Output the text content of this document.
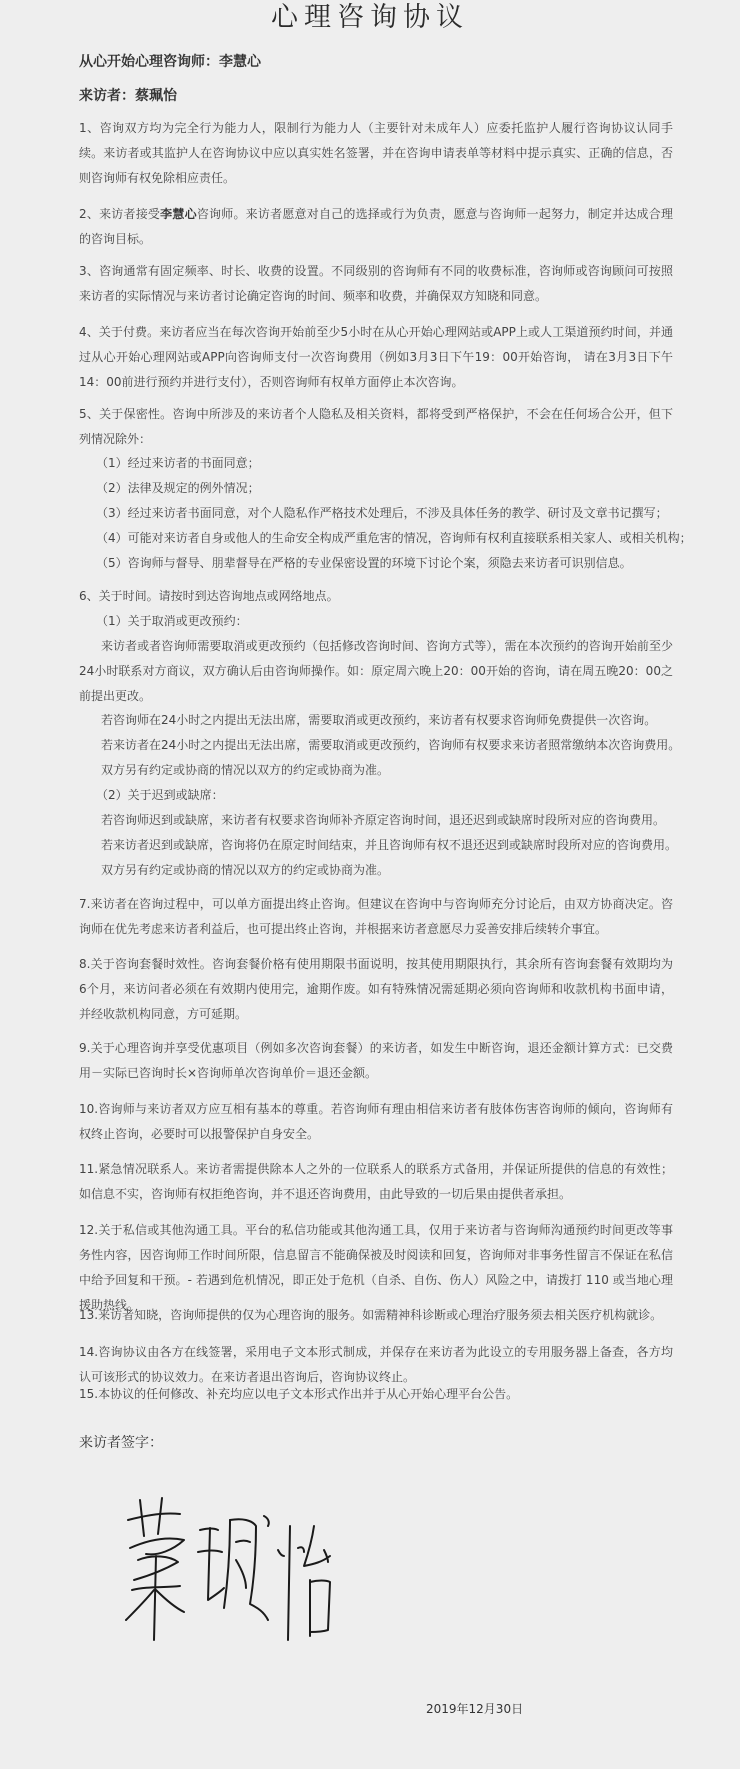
心理咨询协议
从心开始心理咨询师：李慧心
来访者：蔡珮怡
1、咨询双方均为完全行为能力人，限制行为能力人（主要针对未成年人）应委托监护人履行咨询协议认同手续。来访者或其监护人在咨询协议中应以真实姓名签署，并在咨询申请表单等材料中提示真实、正确的信息，否则咨询师有权免除相应责任。
2、来访者接受李慧心咨询师。来访者愿意对自己的选择或行为负责，愿意与咨询师一起努力，制定并达成合理的咨询目标。
3、咨询通常有固定频率、时长、收费的设置。不同级别的咨询师有不同的收费标准，咨询师或咨询顾问可按照来访者的实际情况与来访者讨论确定咨询的时间、频率和收费，并确保双方知晓和同意。
4、关于付费。来访者应当在每次咨询开始前至少5小时在从心开始心理网站或APP上或人工渠道预约时间，并通过从心开始心理网站或APP向咨询师支付一次咨询费用（例如3月3日下午19：00开始咨询， 请在3月3日下午14：00前进行预约并进行支付），否则咨询师有权单方面停止本次咨询。
5、关于保密性。咨询中所涉及的来访者个人隐私及相关资料，都将受到严格保护，不会在任何场合公开，但下列情况除外：
（1）经过来访者的书面同意；
（2）法律及规定的例外情况；
（3）经过来访者书面同意，对个人隐私作严格技术处理后，不涉及具体任务的教学、研讨及文章书记撰写；
（4）可能对来访者自身或他人的生命安全构成严重危害的情况，咨询师有权利直接联系相关家人、或相关机构；
（5）咨询师与督导、朋辈督导在严格的专业保密设置的环境下讨论个案，须隐去来访者可识别信息。
6、关于时间。请按时到达咨询地点或网络地点。
（1）关于取消或更改预约：
来访者或者咨询师需要取消或更改预约（包括修改咨询时间、咨询方式等），需在本次预约的咨询开始前至少24小时联系对方商议，双方确认后由咨询师操作。如：原定周六晚上20：00开始的咨询，请在周五晚20：00之前提出更改。
若咨询师在24小时之内提出无法出席，需要取消或更改预约，来访者有权要求咨询师免费提供一次咨询。
若来访者在24小时之内提出无法出席，需要取消或更改预约，咨询师有权要求来访者照常缴纳本次咨询费用。
双方另有约定或协商的情况以双方的约定或协商为准。
（2）关于迟到或缺席：
若咨询师迟到或缺席，来访者有权要求咨询师补齐原定咨询时间，退还迟到或缺席时段所对应的咨询费用。
若来访者迟到或缺席，咨询将仍在原定时间结束，并且咨询师有权不退还迟到或缺席时段所对应的咨询费用。
双方另有约定或协商的情况以双方的约定或协商为准。
7.来访者在咨询过程中，可以单方面提出终止咨询。但建议在咨询中与咨询师充分讨论后，由双方协商决定。咨询师在优先考虑来访者利益后，也可提出终止咨询，并根据来访者意愿尽力妥善安排后续转介事宜。
8.关于咨询套餐时效性。咨询套餐价格有使用期限书面说明，按其使用期限执行，其余所有咨询套餐有效期均为6个月，来访问者必须在有效期内使用完，逾期作废。如有特殊情况需延期必须向咨询师和收款机构书面申请，并经收款机构同意，方可延期。
9.关于心理咨询并享受优惠项目（例如多次咨询套餐）的来访者，如发生中断咨询，退还金额计算方式：已交费用－实际已咨询时长×咨询师单次咨询单价＝退还金额。
10.咨询师与来访者双方应互相有基本的尊重。若咨询师有理由相信来访者有肢体伤害咨询师的倾向，咨询师有权终止咨询，必要时可以报警保护自身安全。
11.紧急情况联系人。来访者需提供除本人之外的一位联系人的联系方式备用，并保证所提供的信息的有效性；如信息不实，咨询师有权拒绝咨询，并不退还咨询费用，由此导致的一切后果由提供者承担。
12.关于私信或其他沟通工具。平台的私信功能或其他沟通工具，仅用于来访者与咨询师沟通预约时间更改等事务性内容，因咨询师工作时间所限，信息留言不能确保被及时阅读和回复，咨询师对非事务性留言不保证在私信中给予回复和干预。- 若遇到危机情况，即正处于危机（自杀、自伤、伤人）风险之中，请拨打 110 或当地心理援助热线。
13.来访者知晓，咨询师提供的仅为心理咨询的服务。如需精神科诊断或心理治疗服务须去相关医疗机构就诊。
14.咨询协议由各方在线签署，采用电子文本形式制成，并保存在来访者为此设立的专用服务器上备查，各方均认可该形式的协议效力。在来访者退出咨询后，咨询协议终止。
15.本协议的任何修改、补充均应以电子文本形式作出并于从心开始心理平台公告。
来访者签字：
2019年12月30日
